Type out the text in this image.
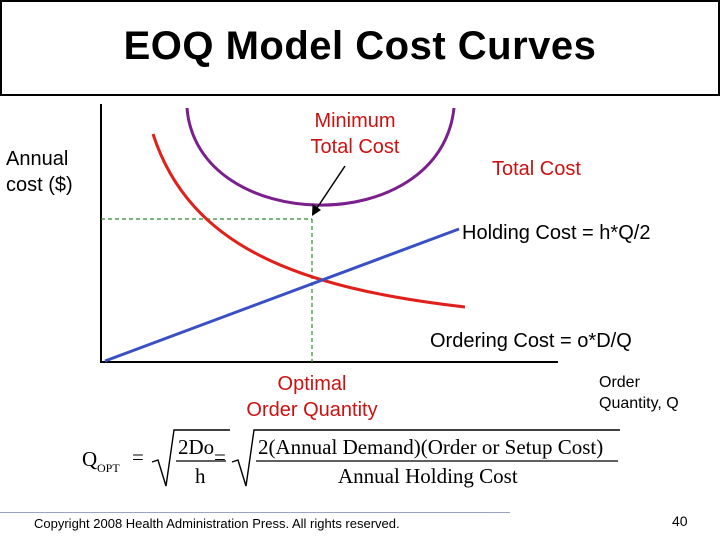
EOQ Model Cost Curves
Annual
cost ($)
Minimum
Total Cost
Total Cost
Holding Cost = h*Q/2
Ordering Cost = o*D/Q
Optimal
Order Quantity
Order
Quantity, Q
Q OPT = 2Do
h
= 2(Annual Demand)(Order or Setup Cost)
Annual Holding Cost
Copyright 2008 Health Administration Press. All rights reserved.	40
